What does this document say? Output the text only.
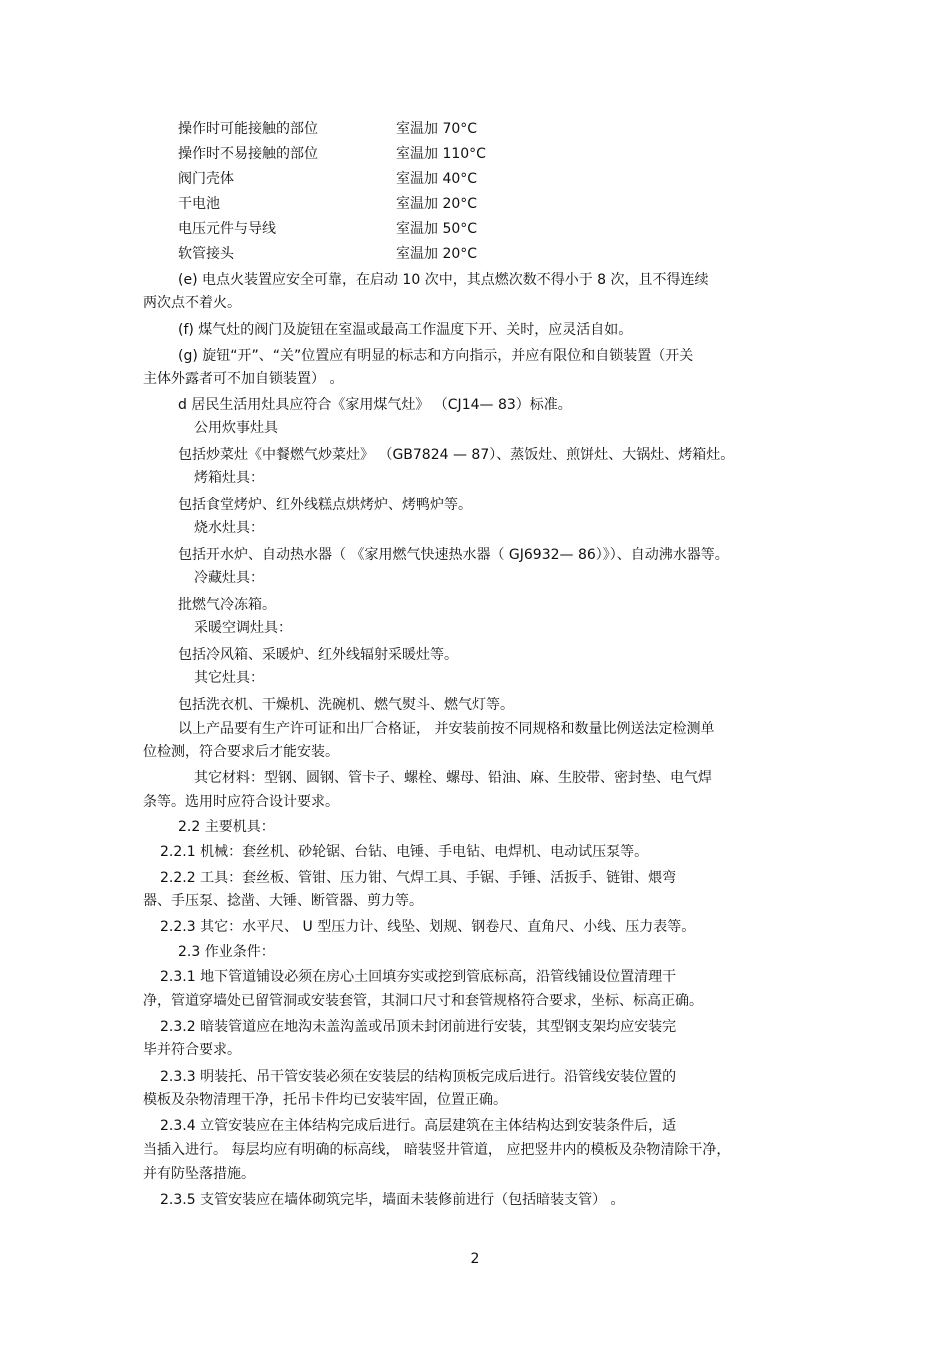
操作时可能接触的部位	室温加 70°C
操作时不易接触的部位	室温加 110°C
阀门壳体	室温加 40°C
干电池	室温加 20°C
电压元件与导线	室温加 50°C
软管接头	室温加 20°C
(e) 电点火装置应安全可靠，在启动 10 次中，其点燃次数不得小于 8 次，且不得连续
两次点不着火。
(f) 煤气灶的阀门及旋钮在室温或最高工作温度下开、关时，应灵活自如。
(g) 旋钮“开”、“关”位置应有明显的标志和方向指示，并应有限位和自锁装置（开关
主体外露者可不加自锁装置） 。
d 居民生活用灶具应符合《家用煤气灶》 （CJ14— 83）标准。
公用炊事灶具
包括炒菜灶《中餐燃气炒菜灶》 （GB7824 — 87）、蒸饭灶、煎饼灶、大锅灶、烤箱灶。
烤箱灶具：
包括食堂烤炉、红外线糕点烘烤炉、烤鸭炉等。
烧水灶具：
包括开水炉、自动热水器（ 《家用燃气快速热水器（ GJ6932— 86）》）、自动沸水器等。
冷藏灶具：
批燃气冷冻箱。
采暖空调灶具：
包括冷风箱、采暖炉、红外线辐射采暖灶等。
其它灶具：
包括洗衣机、干燥机、洗碗机、燃气熨斗、燃气灯等。
以上产品要有生产许可证和出厂合格证， 并安装前按不同规格和数量比例送法定检测单
位检测，符合要求后才能安装。
其它材料：型钢、圆钢、管卡子、螺栓、螺母、铅油、麻、生胶带、密封垫、电气焊
条等。选用时应符合设计要求。
2.2 主要机具：
2.2.1 机械：套丝机、砂轮锯、台钻、电锤、手电钻、电焊机、电动试压泵等。
2.2.2 工具：套丝板、管钳、压力钳、气焊工具、手锯、手锤、活扳手、链钳、煨弯
器、手压泵、捻凿、大锤、断管器、剪力等。
2.2.3 其它：水平尺、 U 型压力计、线坠、划规、钢卷尺、直角尺、小线、压力表等。
2.3 作业条件：
2.3.1 地下管道铺设必须在房心土回填夯实或挖到管底标高，沿管线铺设位置清理干
净，管道穿墙处已留管洞或安装套管，其洞口尺寸和套管规格符合要求，坐标、标高正确。
2.3.2 暗装管道应在地沟未盖沟盖或吊顶未封闭前进行安装，其型钢支架均应安装完
毕并符合要求。
2.3.3 明装托、吊干管安装必须在安装层的结构顶板完成后进行。沿管线安装位置的
模板及杂物清理干净，托吊卡件均已安装牢固，位置正确。
2.3.4 立管安装应在主体结构完成后进行。高层建筑在主体结构达到安装条件后，适
当插入进行。 每层均应有明确的标高线， 暗装竖井管道， 应把竖井内的模板及杂物清除干净，
并有防坠落措施。
2.3.5 支管安装应在墙体砌筑完毕，墙面未装修前进行（包括暗装支管） 。
2
